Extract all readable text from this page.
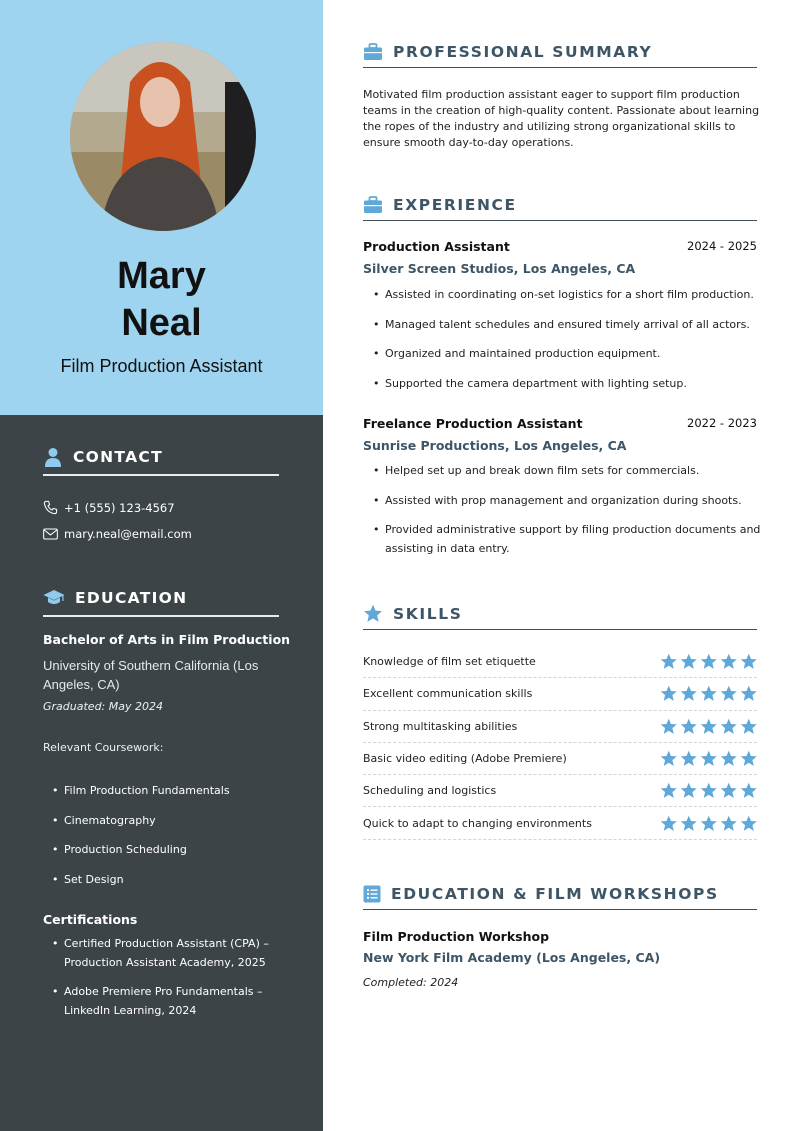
Mary
Neal
Film Production Assistant
CONTACT
+1 (555) 123-4567
mary.neal@email.com
EDUCATION
Bachelor of Arts in Film Production
University of Southern California (Los Angeles, CA)
Graduated: May 2024
Relevant Coursework:
• Film Production Fundamentals
• Cinematography
• Production Scheduling
• Set Design
Certifications
• Certified Production Assistant (CPA) – Production Assistant Academy, 2025
• Adobe Premiere Pro Fundamentals – LinkedIn Learning, 2024
PROFESSIONAL SUMMARY
Motivated film production assistant eager to support film production teams in the creation of high-quality content. Passionate about learning the ropes of the industry and utilizing strong organizational skills to ensure smooth day-to-day operations.
EXPERIENCE
Production Assistant	2024 - 2025
Silver Screen Studios, Los Angeles, CA
• Assisted in coordinating on-set logistics for a short film production.
• Managed talent schedules and ensured timely arrival of all actors.
• Organized and maintained production equipment.
• Supported the camera department with lighting setup.
Freelance Production Assistant	2022 - 2023
Sunrise Productions, Los Angeles, CA
• Helped set up and break down film sets for commercials.
• Assisted with prop management and organization during shoots.
• Provided administrative support by filing production documents and assisting in data entry.
SKILLS
Knowledge of film set etiquette
Excellent communication skills
Strong multitasking abilities
Basic video editing (Adobe Premiere)
Scheduling and logistics
Quick to adapt to changing environments
EDUCATION & FILM WORKSHOPS
Film Production Workshop
New York Film Academy (Los Angeles, CA)
Completed: 2024
